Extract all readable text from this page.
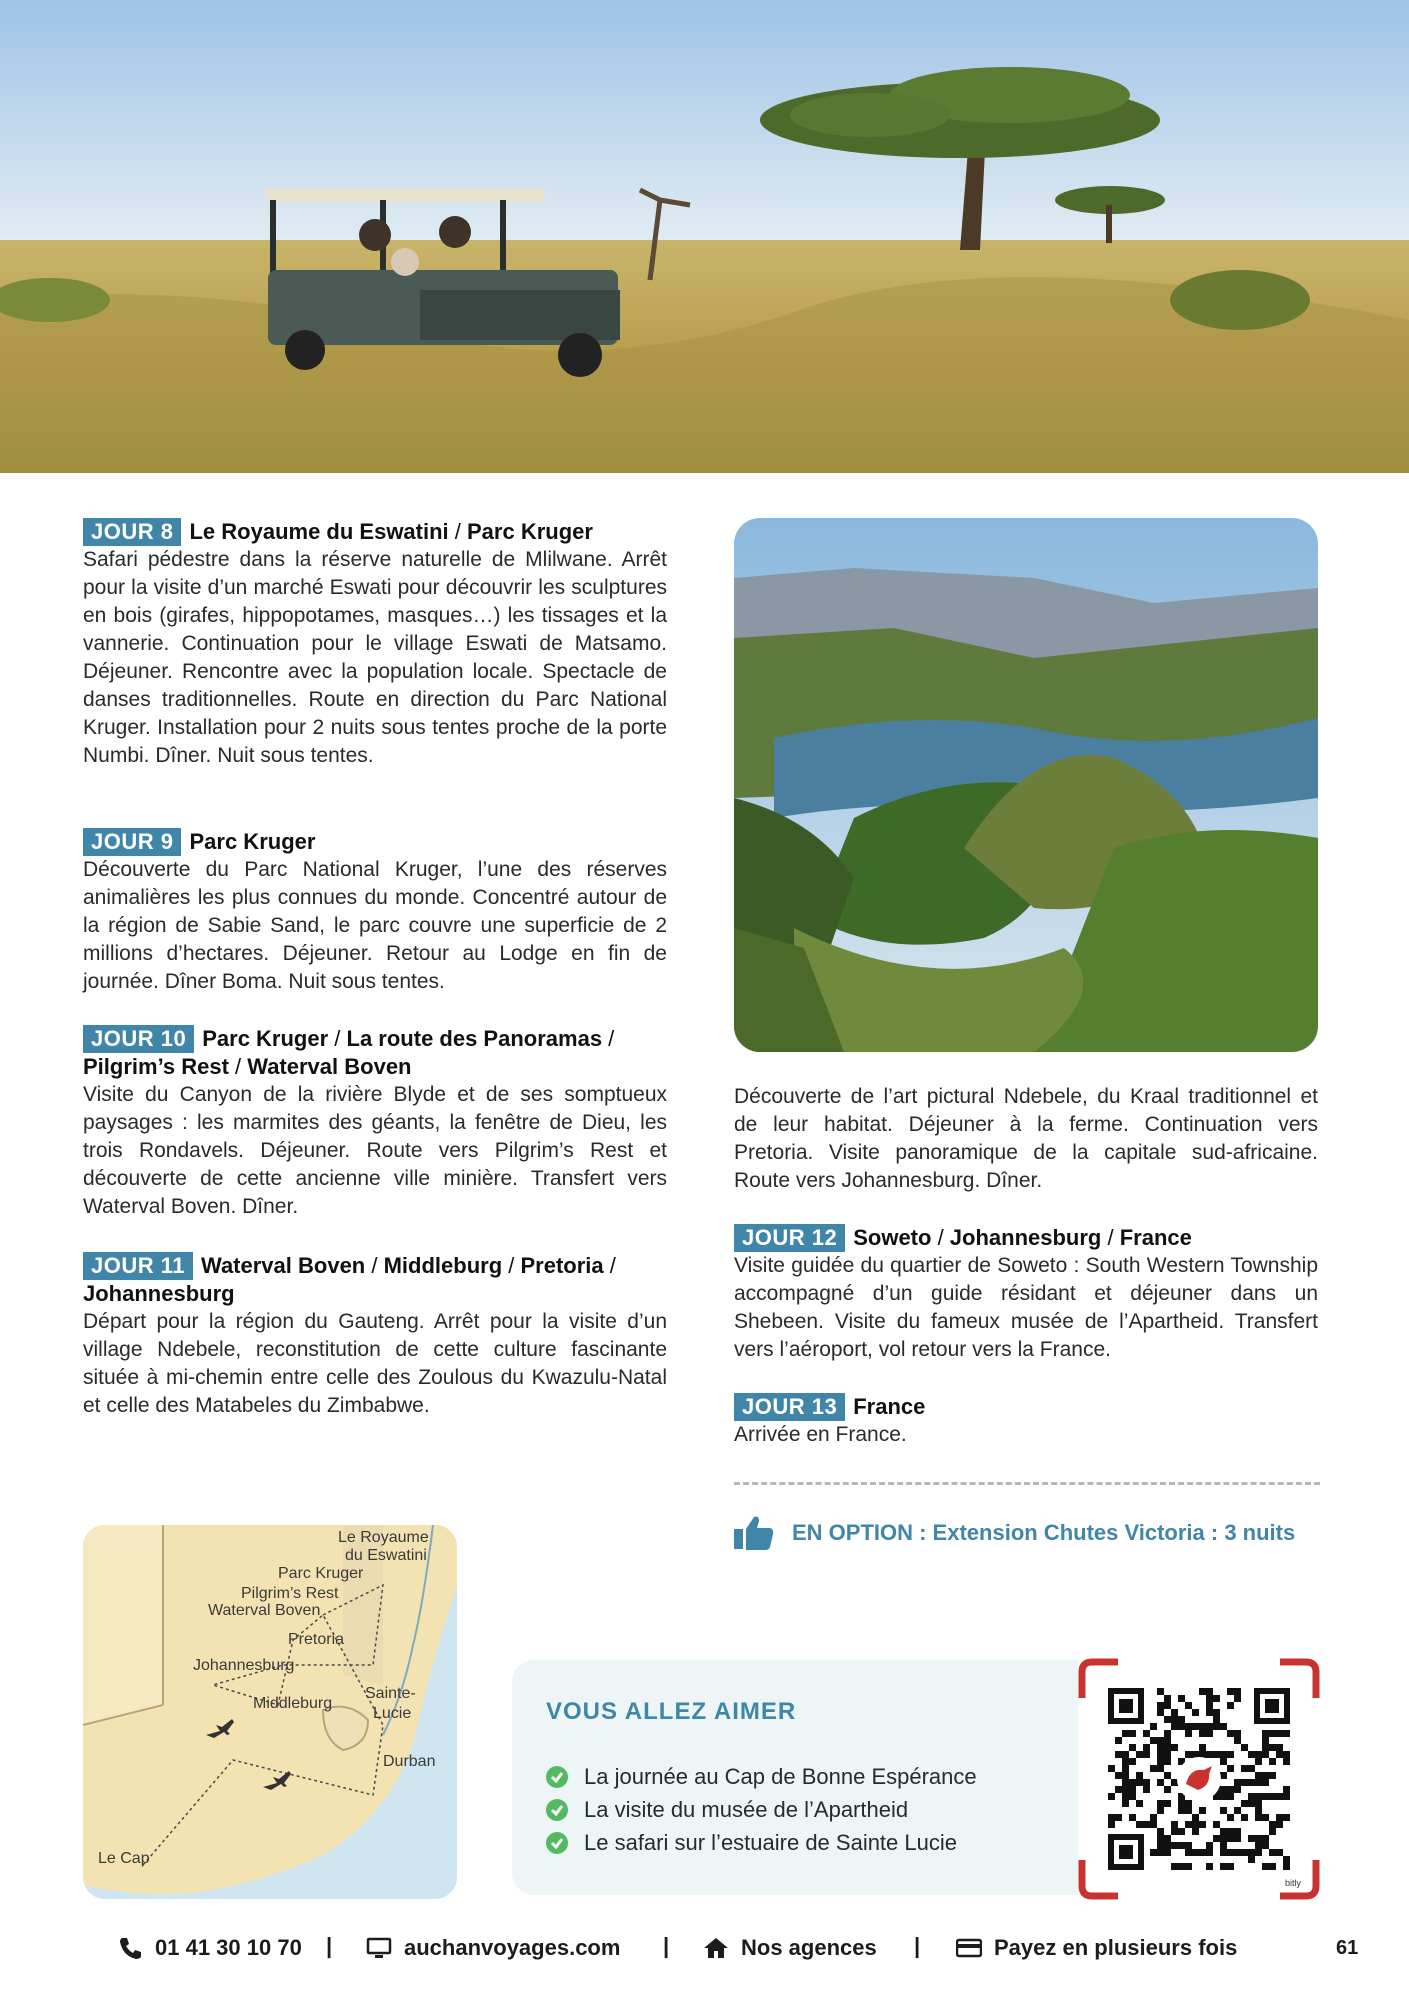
JOUR 8 Le Royaume du Eswatini / Parc Kruger

Safari pédestre dans la réserve naturelle de Mlilwane. Arrêt pour la visite d’un marché Eswati pour découvrir les sculptures en bois (girafes, hippopotames, masques…) les tissages et la vannerie. Continuation pour le village Eswati de Matsamo. Déjeuner. Rencontre avec la population locale. Spectacle de danses traditionnelles. Route en direction du Parc National Kruger. Installation pour 2 nuits sous tentes proche de la porte Numbi. Dîner. Nuit sous tentes.

JOUR 9 Parc Kruger

Découverte du Parc National Kruger, l’une des réserves animalières les plus connues du monde. Concentré autour de la région de Sabie Sand, le parc couvre une superficie de 2 millions d’hectares. Déjeuner. Retour au Lodge en fin de journée. Dîner Boma. Nuit sous tentes.

JOUR 10 Parc Kruger / La route des Panoramas / Pilgrim’s Rest / Waterval Boven

Visite du Canyon de la rivière Blyde et de ses somptueux paysages : les marmites des géants, la fenêtre de Dieu, les trois Rondavels. Déjeuner. Route vers Pilgrim’s Rest et découverte de cette ancienne ville minière. Transfert vers Waterval Boven. Dîner.

JOUR 11 Waterval Boven / Middleburg / Pretoria / Johannesburg

Départ pour la région du Gauteng. Arrêt pour la visite d’un village Ndebele, reconstitution de cette culture fascinante située à mi-chemin entre celle des Zoulous du Kwazulu-Natal et celle des Matabeles du Zimbabwe.

Découverte de l’art pictural Ndebele, du Kraal traditionnel et de leur habitat. Déjeuner à la ferme. Continuation vers Pretoria. Visite panoramique de la capitale sud-africaine. Route vers Johannesburg. Dîner.

JOUR 12 Soweto / Johannesburg / France

Visite guidée du quartier de Soweto : South Western Township accompagné d’un guide résidant et déjeuner dans un Shebeen. Visite du fameux musée de l’Apartheid. Transfert vers l’aéroport, vol retour vers la France.

JOUR 13 France

Arrivée en France.

EN OPTION : Extension Chutes Victoria : 3 nuits
Le Royaume
du Eswatini
Parc Kruger
Pilgrim’s Rest
Waterval Boven
Pretoria
Johannesburg
Middleburg
Sainte-
Lucie
Durban
Le Cap
VOUS ALLEZ AIMER
La journée au Cap de Bonne Espérance
La visite du musée de l’Apartheid
Le safari sur l’estuaire de Sainte Lucie
bitly
01 41 30 10 70 |	auchanvoyages.com |	Nos agences |	Payez en plusieurs fois	61
